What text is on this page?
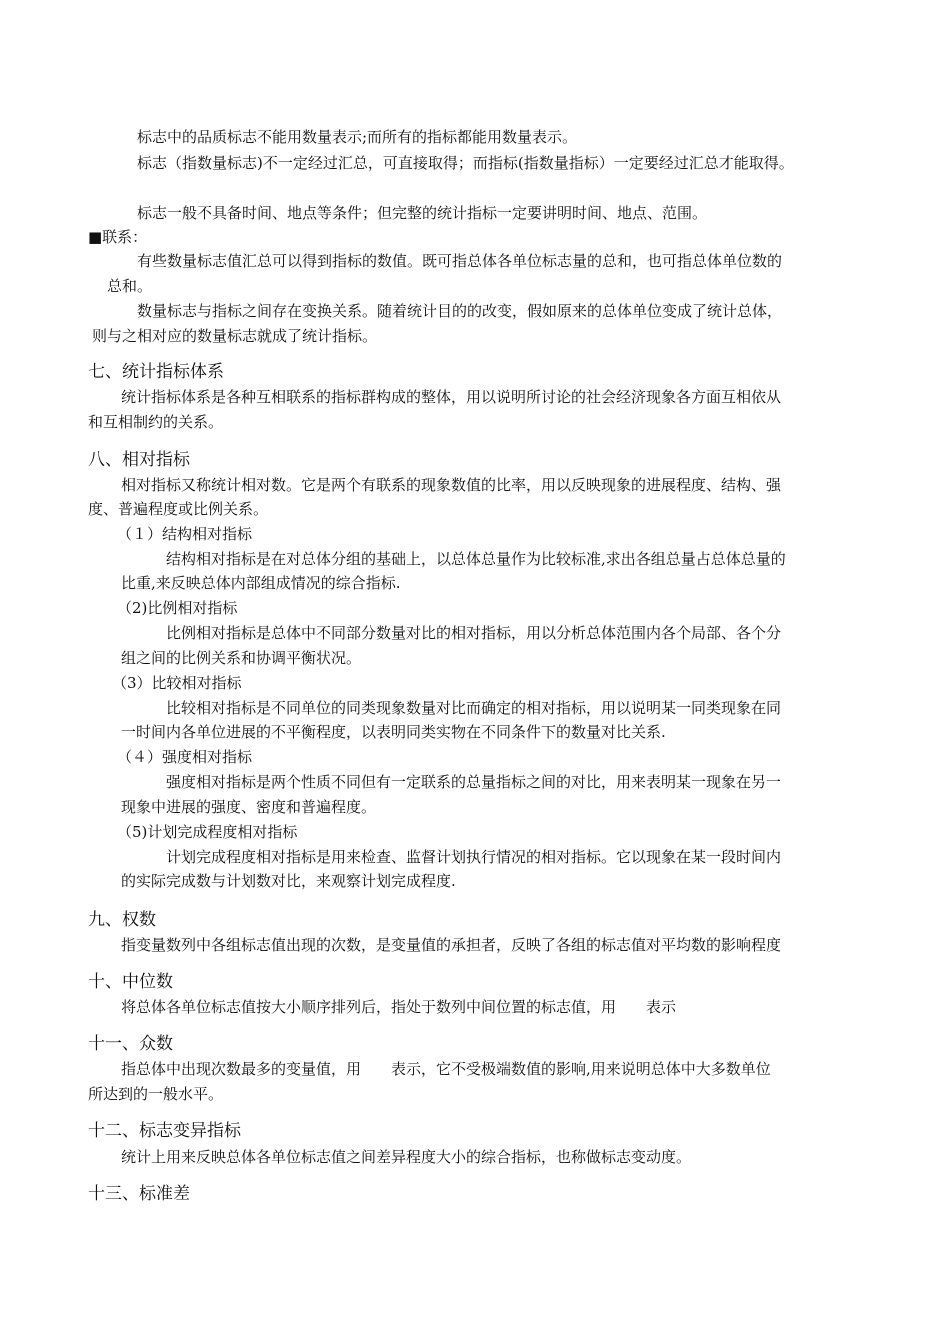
标志中的品质标志不能用数量表示;而所有的指标都能用数量表示。
标志（指数量标志)不一定经过汇总，可直接取得；而指标(指数量指标）一定要经过汇总才能取得。
标志一般不具备时间、地点等条件；但完整的统计指标一定要讲明时间、地点、范围。
■联系：
有些数量标志值汇总可以得到指标的数值。既可指总体各单位标志量的总和，也可指总体单位数的
总和。
数量标志与指标之间存在变换关系。随着统计目的的改变，假如原来的总体单位变成了统计总体，
则与之相对应的数量标志就成了统计指标。
七、统计指标体系
统计指标体系是各种互相联系的指标群构成的整体，用以说明所讨论的社会经济现象各方面互相依从
和互相制约的关系。
八、相对指标
相对指标又称统计相对数。它是两个有联系的现象数值的比率，用以反映现象的进展程度、结构、强
度、普遍程度或比例关系。
（１）结构相对指标
结构相对指标是在对总体分组的基础上，以总体总量作为比较标准,求出各组总量占总体总量的
比重,来反映总体内部组成情况的综合指标.
（2)比例相对指标
比例相对指标是总体中不同部分数量对比的相对指标，用以分析总体范围内各个局部、各个分
组之间的比例关系和协调平衡状况。
（3）比较相对指标
比较相对指标是不同单位的同类现象数量对比而确定的相对指标，用以说明某一同类现象在同
一时间内各单位进展的不平衡程度，以表明同类实物在不同条件下的数量对比关系.
（４）强度相对指标
强度相对指标是两个性质不同但有一定联系的总量指标之间的对比，用来表明某一现象在另一
现象中进展的强度、密度和普遍程度。
（5)计划完成程度相对指标
计划完成程度相对指标是用来检查、监督计划执行情况的相对指标。它以现象在某一段时间内
的实际完成数与计划数对比，来观察计划完成程度.
九、权数
指变量数列中各组标志值出现的次数，是变量值的承担者，反映了各组的标志值对平均数的影响程度
十、中位数
将总体各单位标志值按大小顺序排列后，指处于数列中间位置的标志值，用　　表示
十一、众数
指总体中出现次数最多的变量值，用　　表示，它不受极端数值的影响,用来说明总体中大多数单位
所达到的一般水平。
十二、标志变异指标
统计上用来反映总体各单位标志值之间差异程度大小的综合指标，也称做标志变动度。
十三、标准差
